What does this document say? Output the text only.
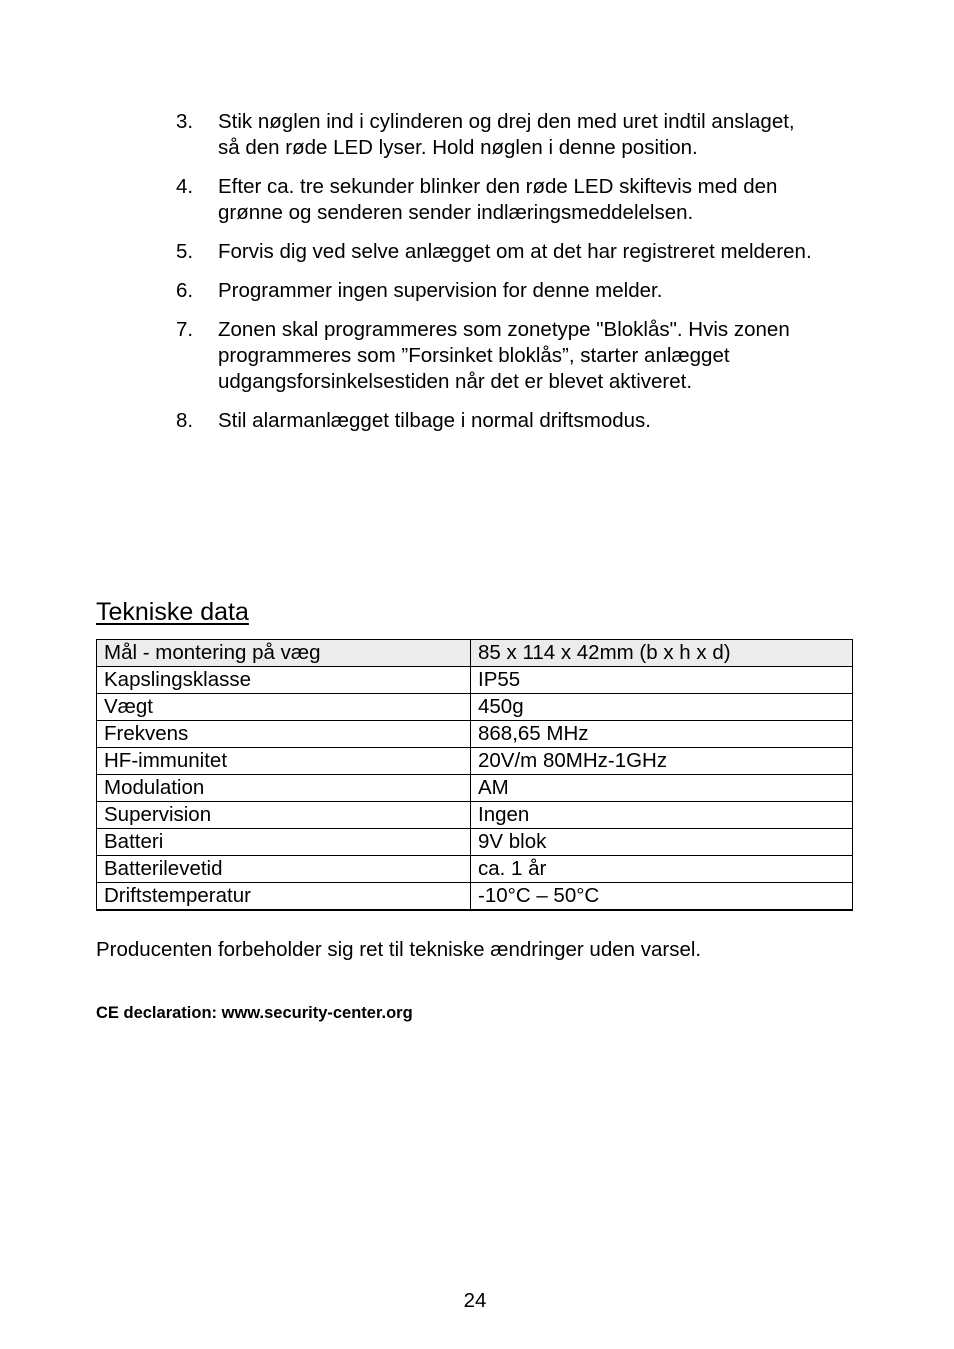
3.	Stik nøglen ind i cylinderen og drej den med uret indtil anslaget, så den røde LED lyser. Hold nøglen i denne position.
4.	Efter ca. tre sekunder blinker den røde LED skiftevis med den grønne og senderen sender indlæringsmeddelelsen.
5.	Forvis dig ved selve anlægget om at det har registreret melderen.
6.	Programmer ingen supervision for denne melder.
7.	Zonen skal programmeres som zonetype "Bloklås". Hvis zonen programmeres som ”Forsinket bloklås”, starter anlægget udgangsforsinkelsestiden når det er blevet aktiveret.
8.	Stil alarmanlægget tilbage i normal driftsmodus.
Tekniske data
Mål - montering på væg	85 x 114 x 42mm (b x h x d)
Kapslingsklasse	IP55
Vægt	450g
Frekvens	868,65 MHz
HF-immunitet	20V/m 80MHz-1GHz
Modulation	AM
Supervision	Ingen
Batteri	9V blok
Batterilevetid	ca. 1 år
Driftstemperatur	-10°C – 50°C

Producenten forbeholder sig ret til tekniske ændringer uden varsel.

CE declaration: www.security-center.org

24
